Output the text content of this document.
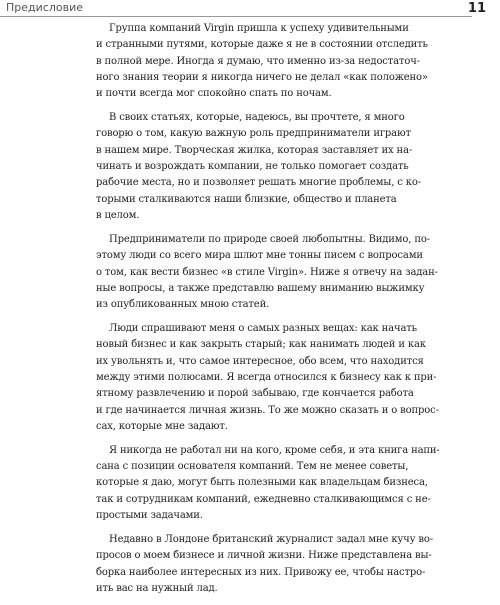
Предисловие	11
Группа компаний Virgin пришла к успеху удивительными
и странными путями, которые даже я не в состоянии отследить
в полной мере. Иногда я думаю, что именно из-за недостаточ-
ного знания теории я никогда ничего не делал «как положено»
и почти всегда мог спокойно спать по ночам.
В своих статьях, которые, надеюсь, вы прочтете, я много
говорю о том, какую важную роль предприниматели играют
в нашем мире. Творческая жилка, которая заставляет их на-
чинать и возрождать компании, не только помогает создать
рабочие места, но и позволяет решать многие проблемы, с ко-
торыми сталкиваются наши близкие, общество и планета
в целом.
Предприниматели по природе своей любопытны. Видимо, по-
этому люди со всего мира шлют мне тонны писем с вопросами
о том, как вести бизнес «в стиле Virgin». Ниже я отвечу на задан-
ные вопросы, а также представлю вашему вниманию выжимку
из опубликованных мною статей.
Люди спрашивают меня о самых разных вещах: как начать
новый бизнес и как закрыть старый; как нанимать людей и как
их увольнять и, что самое интересное, обо всем, что находится
между этими полюсами. Я всегда относился к бизнесу как к при-
ятному развлечению и порой забываю, где кончается работа
и где начинается личная жизнь. То же можно сказать и о вопрос-
сах, которые мне задают.
Я никогда не работал ни на кого, кроме себя, и эта книга напи-
сана с позиции основателя компаний. Тем не менее советы,
которые я даю, могут быть полезными как владельцам бизнеса,
так и сотрудникам компаний, ежедневно сталкивающимся с не-
простыми задачами.
Недавно в Лондоне британский журналист задал мне кучу во-
просов о моем бизнесе и личной жизни. Ниже представлена вы-
борка наиболее интересных из них. Привожу ее, чтобы настро-
ить вас на нужный лад.
